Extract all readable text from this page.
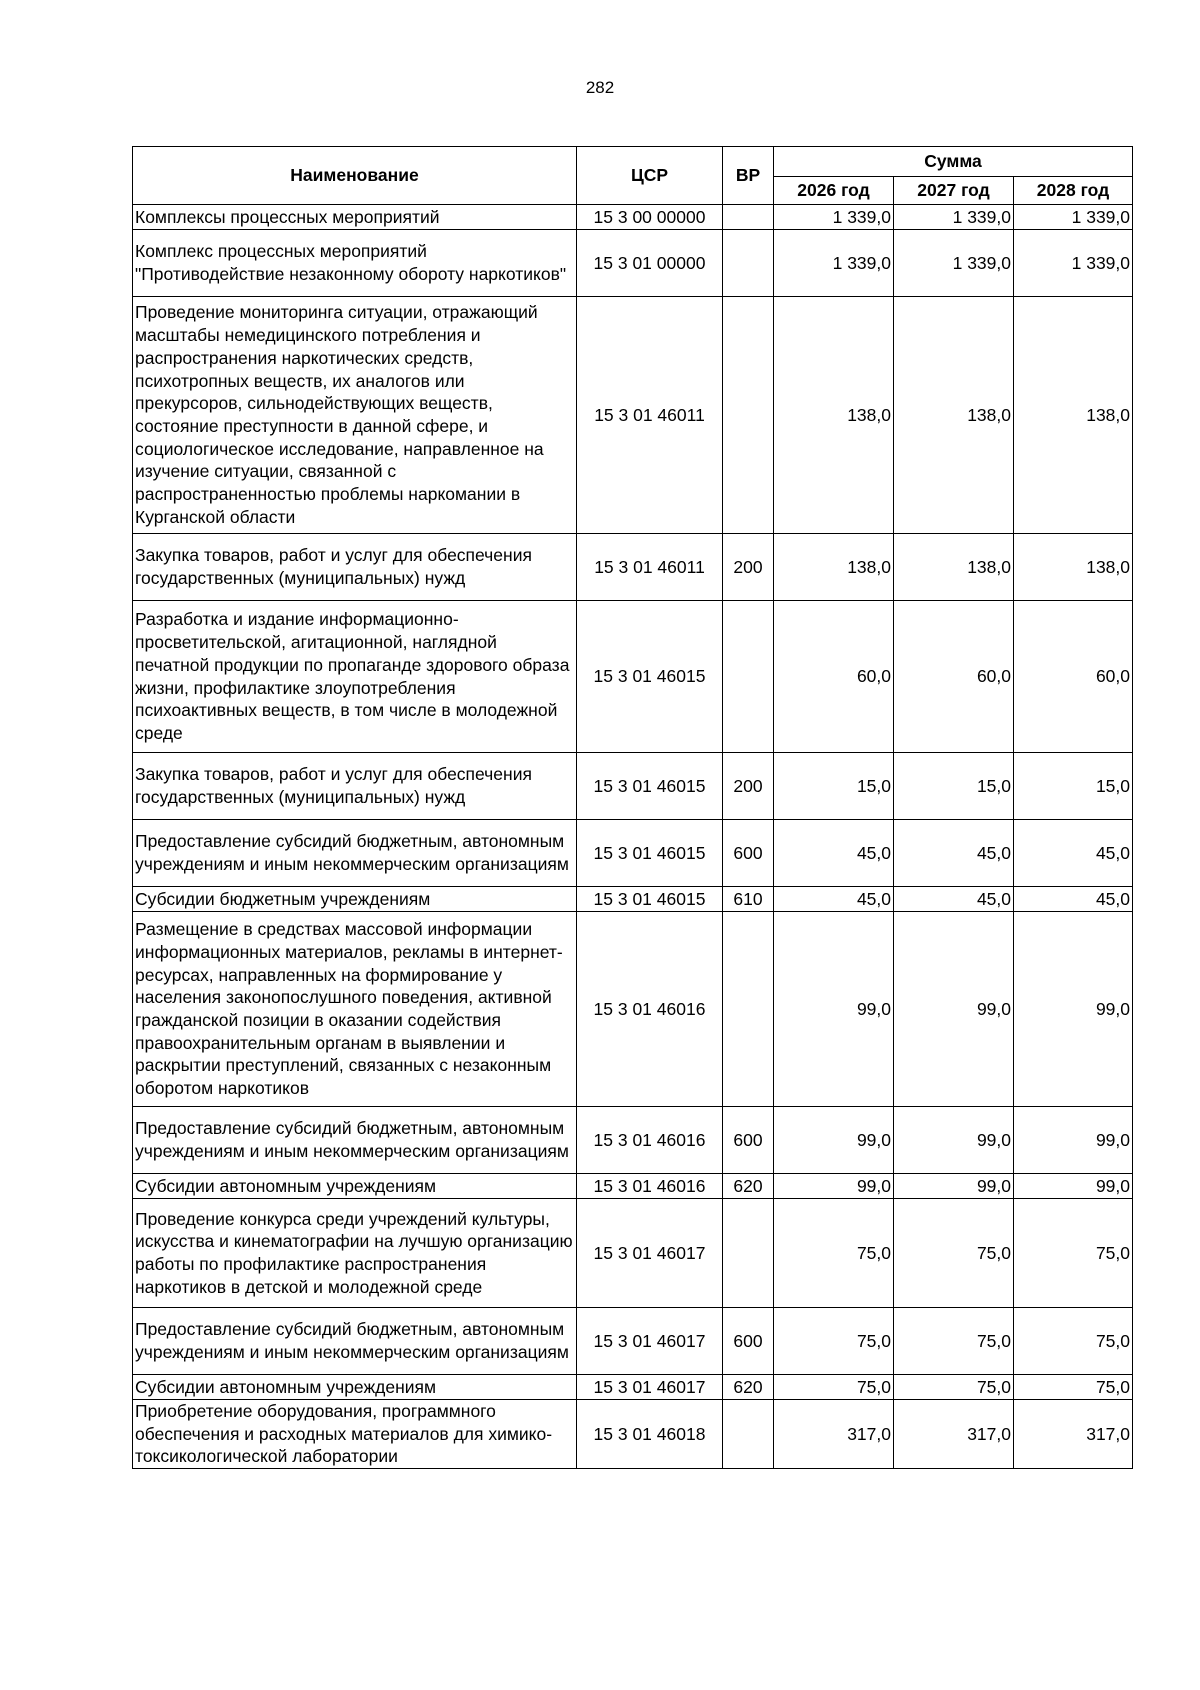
282
Наименование	ЦСР	ВР	Сумма		
			2026 год	2027 год	2028 год
Комплексы процессных мероприятий	15 3 00 00000		1 339,0	1 339,0	1 339,0
Комплекс процессных мероприятий "Противодействие незаконному обороту наркотиков"	15 3 01 00000		1 339,0	1 339,0	1 339,0
Проведение мониторинга ситуации, отражающий масштабы немедицинского потребления и распространения наркотических средств, психотропных веществ, их аналогов или прекурсоров, сильнодействующих веществ, состояние преступности в данной сфере, и социологическое исследование, направленное на изучение ситуации, связанной с распространенностью проблемы наркомании в Курганской области	15 3 01 46011		138,0	138,0	138,0
Закупка товаров, работ и услуг для обеспечения государственных (муниципальных) нужд	15 3 01 46011	200	138,0	138,0	138,0
Разработка и издание информационно-просветительской, агитационной, наглядной печатной продукции по пропаганде здорового образа жизни, профилактике злоупотребления психоактивных веществ, в том числе в молодежной среде	15 3 01 46015		60,0	60,0	60,0
Закупка товаров, работ и услуг для обеспечения государственных (муниципальных) нужд	15 3 01 46015	200	15,0	15,0	15,0
Предоставление субсидий бюджетным, автономным учреждениям и иным некоммерческим организациям	15 3 01 46015	600	45,0	45,0	45,0
Субсидии бюджетным учреждениям	15 3 01 46015	610	45,0	45,0	45,0
Размещение в средствах массовой информации информационных материалов, рекламы в интернет-ресурсах, направленных на формирование у населения законопослушного поведения, активной гражданской позиции в оказании содействия правоохранительным органам в выявлении и раскрытии преступлений, связанных с незаконным оборотом наркотиков	15 3 01 46016		99,0	99,0	99,0
Предоставление субсидий бюджетным, автономным учреждениям и иным некоммерческим организациям	15 3 01 46016	600	99,0	99,0	99,0
Субсидии автономным учреждениям	15 3 01 46016	620	99,0	99,0	99,0
Проведение конкурса среди учреждений культуры, искусства и кинематографии на лучшую организацию работы по профилактике распространения наркотиков в детской и молодежной среде	15 3 01 46017		75,0	75,0	75,0
Предоставление субсидий бюджетным, автономным учреждениям и иным некоммерческим организациям	15 3 01 46017	600	75,0	75,0	75,0
Субсидии автономным учреждениям	15 3 01 46017	620	75,0	75,0	75,0
Приобретение оборудования, программного обеспечения и расходных материалов для химико-токсикологической лаборатории	15 3 01 46018		317,0	317,0	317,0
